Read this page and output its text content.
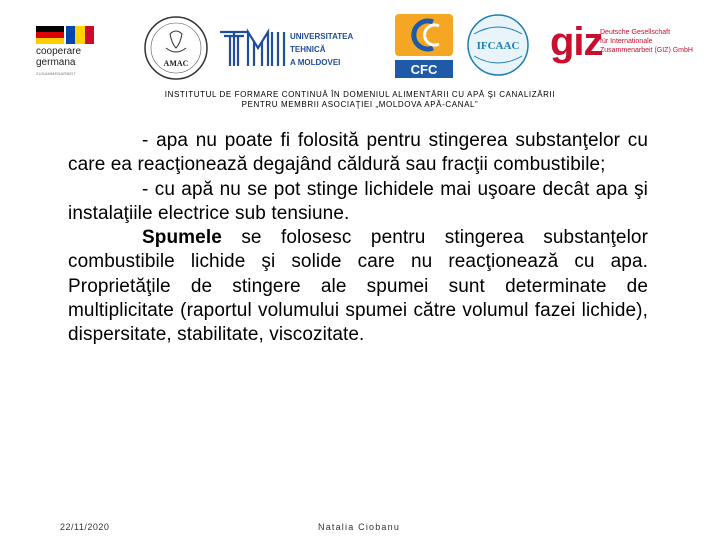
cooperare
germana
ZUSAMMENARBEIT
AMAC
UNIVERSITATEA TEHNICĂ
A MOLDOVEI	CFC
IFCAAC giz
Deutsche Gesellschaft
für Internationale
Zusammenarbeit (GIZ) GmbH
INSTITUTUL DE FORMARE CONTINUĂ ÎN DOMENIUL ALIMENTĂRII CU APĂ ŞI CANALIZĂRII
PENTRU MEMBRII ASOCIAŢIEI „MOLDOVA APĂ-CANAL”

- apa nu poate fi folosită pentru stingerea substanţelor cu care ea reacţionează degajând căldură sau fracţii combustibile;

- cu apă nu se pot stinge lichidele mai uşoare decât apa şi instalaţiile electrice sub tensiune.

Spumele se folosesc pentru stingerea substanţelor combustibile lichide şi solide care nu reacţionează cu apa. Proprietăţile de stingere ale spumei sunt determinate de multiplicitate (raportul volumului spumei către volumul fazei lichide), dispersitate, stabilitate, viscozitate.

22/11/2020	Natalia Ciobanu
